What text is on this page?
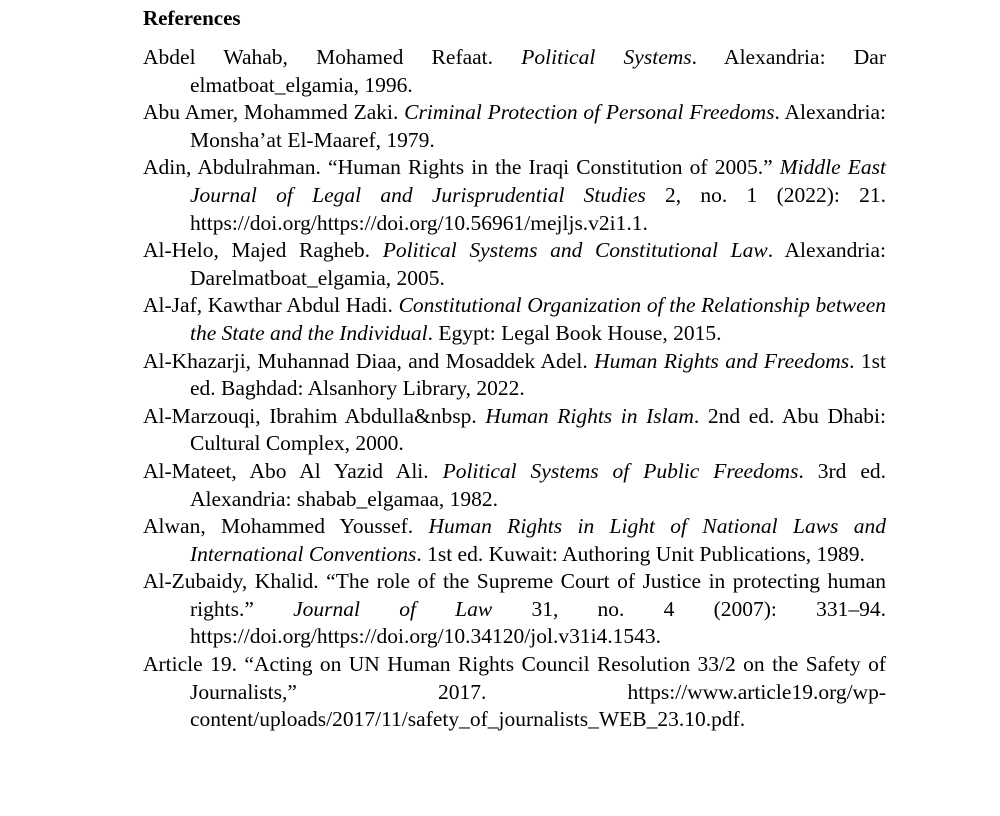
References
Abdel Wahab, Mohamed Refaat. Political Systems. Alexandria: Dar elmatboat_elgamia, 1996.
Abu Amer, Mohammed Zaki. Criminal Protection of Personal Freedoms. Alexandria: Monsha’at El-Maaref, 1979.
Adin, Abdulrahman. “Human Rights in the Iraqi Constitution of 2005.” Middle East Journal of Legal and Jurisprudential Studies 2, no. 1 (2022): 21. https://doi.org/https://doi.org/10.56961/mejljs.v2i1.1.
Al-Helo, Majed Ragheb. Political Systems and Constitutional Law. Alexandria: Darelmatboat_elgamia, 2005.
Al-Jaf, Kawthar Abdul Hadi. Constitutional Organization of the Relationship between the State and the Individual. Egypt: Legal Book House, 2015.
Al-Khazarji, Muhannad Diaa, and Mosaddek Adel. Human Rights and Freedoms. 1st ed. Baghdad: Alsanhory Library, 2022.
Al-Marzouqi, Ibrahim Abdulla&nbsp. Human Rights in Islam. 2nd ed. Abu Dhabi: Cultural Complex, 2000.
Al-Mateet, Abo Al Yazid Ali. Political Systems of Public Freedoms. 3rd ed. Alexandria: shabab_elgamaa, 1982.
Alwan, Mohammed Youssef. Human Rights in Light of National Laws and International Conventions. 1st ed. Kuwait: Authoring Unit Publications, 1989.
Al-Zubaidy, Khalid. “The role of the Supreme Court of Justice in protecting human rights.” Journal of Law 31, no. 4 (2007): 331–94. https://doi.org/https://doi.org/10.34120/jol.v31i4.1543.
Article 19. “Acting on UN Human Rights Council Resolution 33/2 on the Safety of Journalists,” 2017. https://www.article19.org/wp-content/uploads/2017/11/safety_of_journalists_WEB_23.10.pdf.
